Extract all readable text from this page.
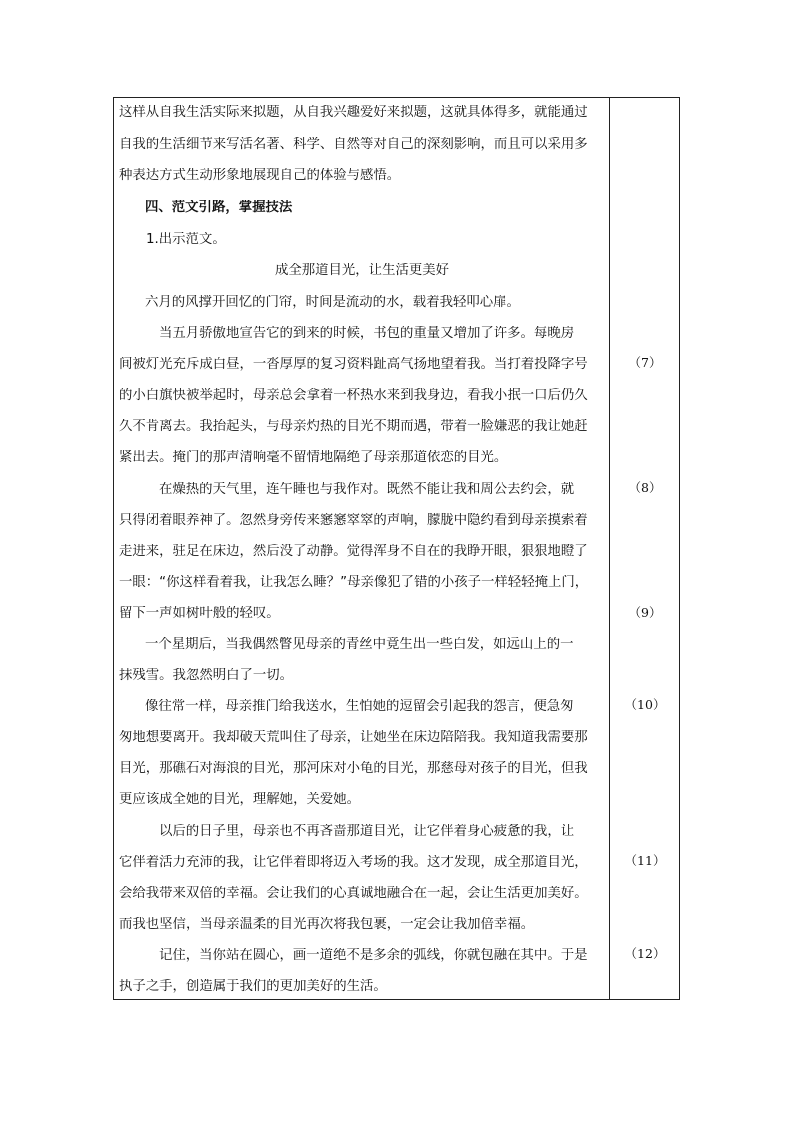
这样从自我生活实际来拟题，从自我兴趣爱好来拟题，这就具体得多，就能通过
自我的生活细节来写活名著、科学、自然等对自己的深刻影响，而且可以采用多
种表达方式生动形象地展现自己的体验与感悟。
四、范文引路，掌握技法
1.出示范文。
成全那道目光，让生活更美好
六月的风撑开回忆的门帘，时间是流动的水，载着我轻叩心扉。
当五月骄傲地宣告它的到来的时候，书包的重量又增加了许多。每晚房
间被灯光充斥成白昼，一沓厚厚的复习资料趾高气扬地望着我。当打着投降字号
的小白旗快被举起时，母亲总会拿着一杯热水来到我身边，看我小抿一口后仍久
久不肯离去。我抬起头，与母亲灼热的目光不期而遇，带着一脸嫌恶的我让她赶
紧出去。掩门的那声清响毫不留情地隔绝了母亲那道依恋的目光。
在燥热的天气里，连午睡也与我作对。既然不能让我和周公去约会，就
只得闭着眼养神了。忽然身旁传来窸窸窣窣的声响，朦胧中隐约看到母亲摸索着
走进来，驻足在床边，然后没了动静。觉得浑身不自在的我睁开眼，狠狠地瞪了
一眼：“你这样看着我，让我怎么睡？”母亲像犯了错的小孩子一样轻轻掩上门，
留下一声如树叶般的轻叹。
一个星期后，当我偶然瞥见母亲的青丝中竟生出一些白发，如远山上的一
抹残雪。我忽然明白了一切。
像往常一样，母亲推门给我送水，生怕她的逗留会引起我的怨言，便急匆
匆地想要离开。我却破天荒叫住了母亲，让她坐在床边陪陪我。我知道我需要那
目光，那礁石对海浪的目光，那河床对小龟的目光，那慈母对孩子的目光，但我
更应该成全她的目光，理解她，关爱她。
以后的日子里，母亲也不再吝啬那道目光，让它伴着身心疲惫的我，让
它伴着活力充沛的我，让它伴着即将迈入考场的我。这才发现，成全那道目光，
会给我带来双倍的幸福。会让我们的心真诚地融合在一起，会让生活更加美好。
而我也坚信，当母亲温柔的目光再次将我包裹，一定会让我加倍幸福。
记住，当你站在圆心，画一道绝不是多余的弧线，你就包融在其中。于是
执子之手，创造属于我们的更加美好的生活。
（7）
（8）
（9）
（10）
（11）
（12）
